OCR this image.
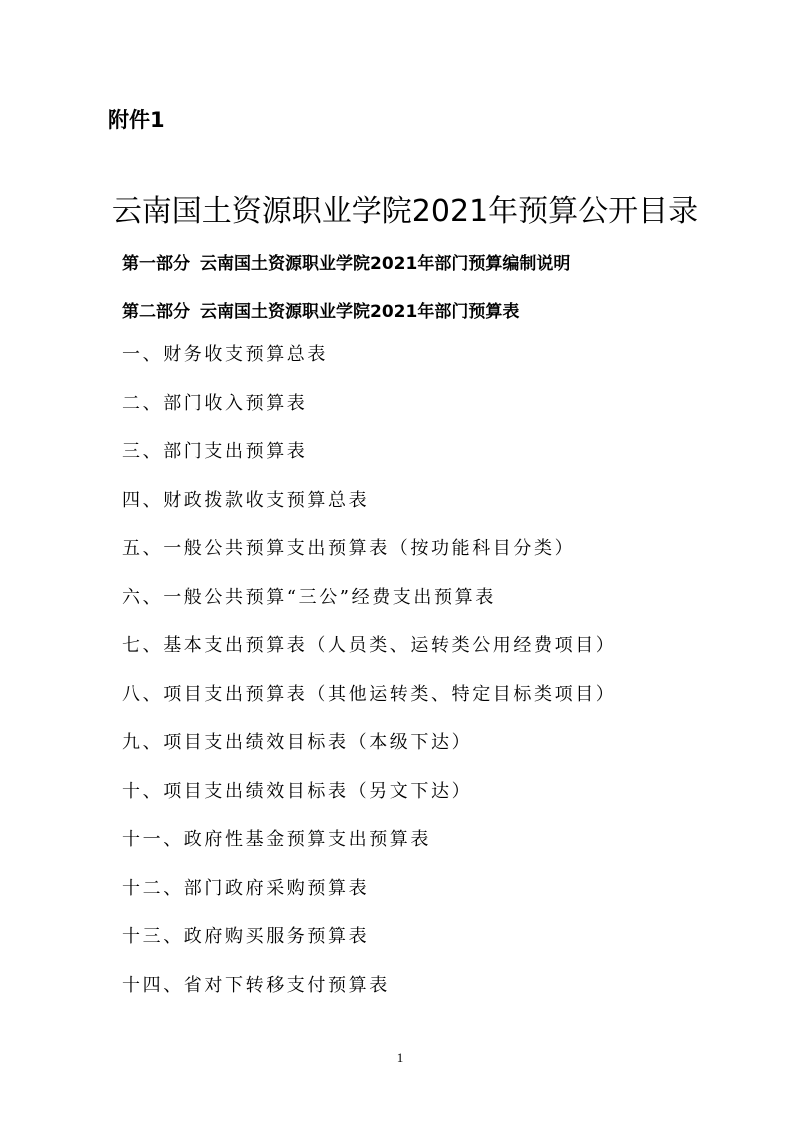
附件1

云南国土资源职业学院2021年预算公开目录

第一部分 云南国土资源职业学院2021年部门预算编制说明

第二部分 云南国土资源职业学院2021年部门预算表

一、财务收支预算总表
二、部门收入预算表
三、部门支出预算表
四、财政拨款收支预算总表
五、一般公共预算支出预算表（按功能科目分类）
六、一般公共预算“三公”经费支出预算表
七、基本支出预算表（人员类、运转类公用经费项目）
八、项目支出预算表（其他运转类、特定目标类项目）
九、项目支出绩效目标表（本级下达）
十、项目支出绩效目标表（另文下达）
十一、政府性基金预算支出预算表
十二、部门政府采购预算表
十三、政府购买服务预算表
十四、省对下转移支付预算表

1
